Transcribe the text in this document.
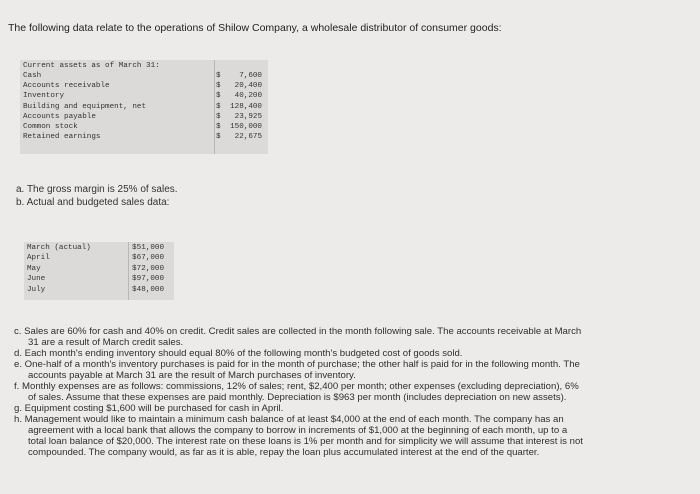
The following data relate to the operations of Shilow Company, a wholesale distributor of consumer goods:
Current assets as of March 31:
Cash	$ 7,600
Accounts receivable	$ 20,400
Inventory	$ 40,200
Building and equipment, net	$ 128,400
Accounts payable	$ 23,925
Common stock	$ 150,000
Retained earnings	$ 22,675
a. The gross margin is 25% of sales.
b. Actual and budgeted sales data:
March (actual)	$ 51,000
April	$ 67,000
May	$ 72,000
June	$ 97,000
July	$ 48,000

c. Sales are 60% for cash and 40% on credit. Credit sales are collected in the month following sale. The accounts receivable at March

31 are a result of March credit sales.

d. Each month's ending inventory should equal 80% of the following month's budgeted cost of goods sold.

e. One-half of a month's inventory purchases is paid for in the month of purchase; the other half is paid for in the following month. The

accounts payable at March 31 are the result of March purchases of inventory.

f. Monthly expenses are as follows: commissions, 12% of sales; rent, $2,400 per month; other expenses (excluding depreciation), 6%

of sales. Assume that these expenses are paid monthly. Depreciation is $963 per month (includes depreciation on new assets).

g. Equipment costing $1,600 will be purchased for cash in April.

h. Management would like to maintain a minimum cash balance of at least $4,000 at the end of each month. The company has an

agreement with a local bank that allows the company to borrow in increments of $1,000 at the beginning of each month, up to a

total loan balance of $20,000. The interest rate on these loans is 1% per month and for simplicity we will assume that interest is not

compounded. The company would, as far as it is able, repay the loan plus accumulated interest at the end of the quarter.
